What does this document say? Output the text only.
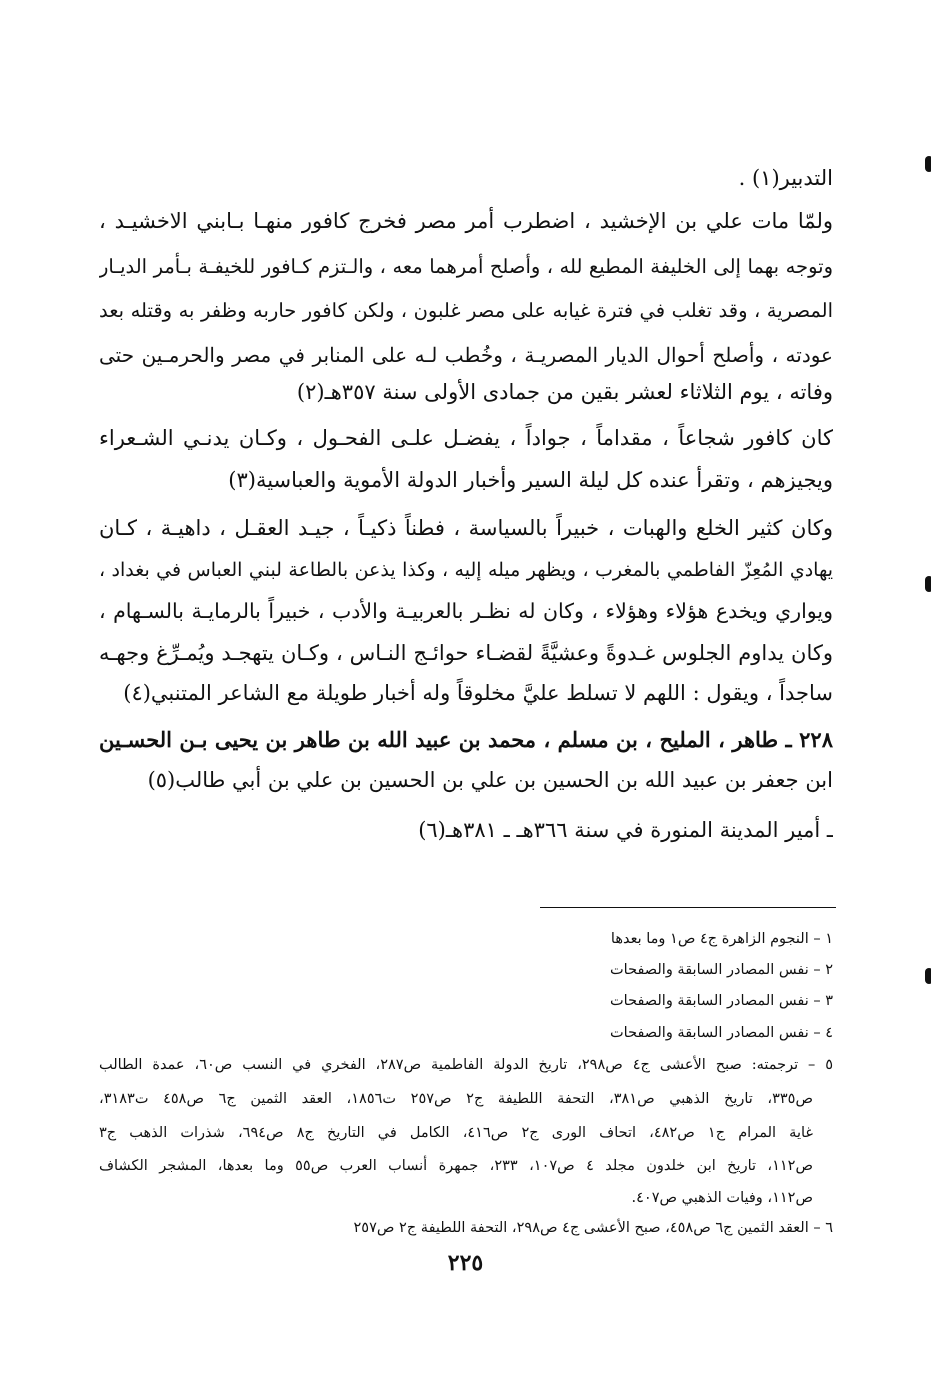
التدبير(١) .
ولمّا مات علي بن الإخشيد ، اضطرب أمر مصر فخرج كافور منهـا بـابني الاخشيـد ،
وتوجه بهما إلى الخليفة المطيع لله ، وأصلح أمرهما معه ، والـتزم كـافور للخيفـة بـأمر الديـار
المصرية ، وقد تغلب في فترة غيابه على مصر غلبون ، ولكن كافور حاربه وظفر به وقتله بعد
عودته ، وأصلح أحوال الديار المصريـة ، وخُطب لـه على المنابر في مصر والحرمـين حتى
وفاته ، يوم الثلاثاء لعشر بقين من جمادى الأولى سنة ٣٥٧هـ(٢)
كان كافور شجاعاً ، مقداماً ، جواداً ، يفضـل علـى الفحـول ، وكـان يدنـي الشـعراء
ويجيزهم ، وتقرأ عنده كل ليلة السير وأخبار الدولة الأموية والعباسية(٣)
وكان كثير الخلع والهبات ، خبيراً بالسياسة ، فطناً ذكيـاً ، جيـد العقـل ، داهيـة ، كـان
يهادي المُعِزّ الفاطمي بالمغرب ، ويظهر ميله إليه ، وكذا يذعن بالطاعة لبني العباس في بغداد ،
ويواري ويخدع هؤلاء وهؤلاء ، وكان له نظـر بالعربيـة والأدب ، خبيراً بالرمايـة بالسـهام ،
وكان يداوم الجلوس غـدوةً وعشيَّةً لقضـاء حوائـج النـاس ، وكـان يتهجـد ويُمـرِّغ وجهـه
ساجداً ، ويقول : اللهم لا تسلط عليَّ مخلوقاً وله أخبار طويلة مع الشاعر المتنبي(٤)
٢٢٨ ـ طاهر ، المليح ، بن مسلم ، محمد بن عبيد الله بن طاهر بن يحيى بـن الحسـين
ابن جعفر بن عبيد الله بن الحسين بن علي بن الحسين بن علي بن أبي طالب(٥)
ـ أمير المدينة المنورة في سنة ٣٦٦هـ ـ ٣٨١هـ(٦)
١ – النجوم الزاهرة ج٤ ص١ وما بعدها
٢ – نفس المصادر السابقة والصفحات
٣ – نفس المصادر السابقة والصفحات
٤ – نفس المصادر السابقة والصفحات
٥ – ترجمته: صبح الأعشى ج٤ ص٢٩٨، تاريخ الدولة الفاطمية ص٢٨٧، الفخري في النسب ص٦٠، عمدة الطالب
ص٣٣٥، تاريخ الذهبي ص٣٨١، التحفة اللطيفة ج٢ ص٢٥٧ ت١٨٥٦، العقد الثمين ج٦ ص٤٥٨ ت٣١٨٣،
غاية المرام ج١ ص٤٨٢، اتحاف الورى ج٢ ص٤١٦، الكامل في التاريخ ج٨ ص٦٩٤، شذرات الذهب ج٣
ص١١٢، تاريخ ابن خلدون مجلد ٤ ص١٠٧، ٢٣٣، جمهرة أنساب العرب ص٥٥ وما بعدها، المشجر الكشاف
ص١١٢، وفيات الذهبي ص٤٠٧.
٦ – العقد الثمين ج٦ ص٤٥٨، صبح الأعشى ج٤ ص٢٩٨، التحفة اللطيفة ج٢ ص٢٥٧
٢٢٥
